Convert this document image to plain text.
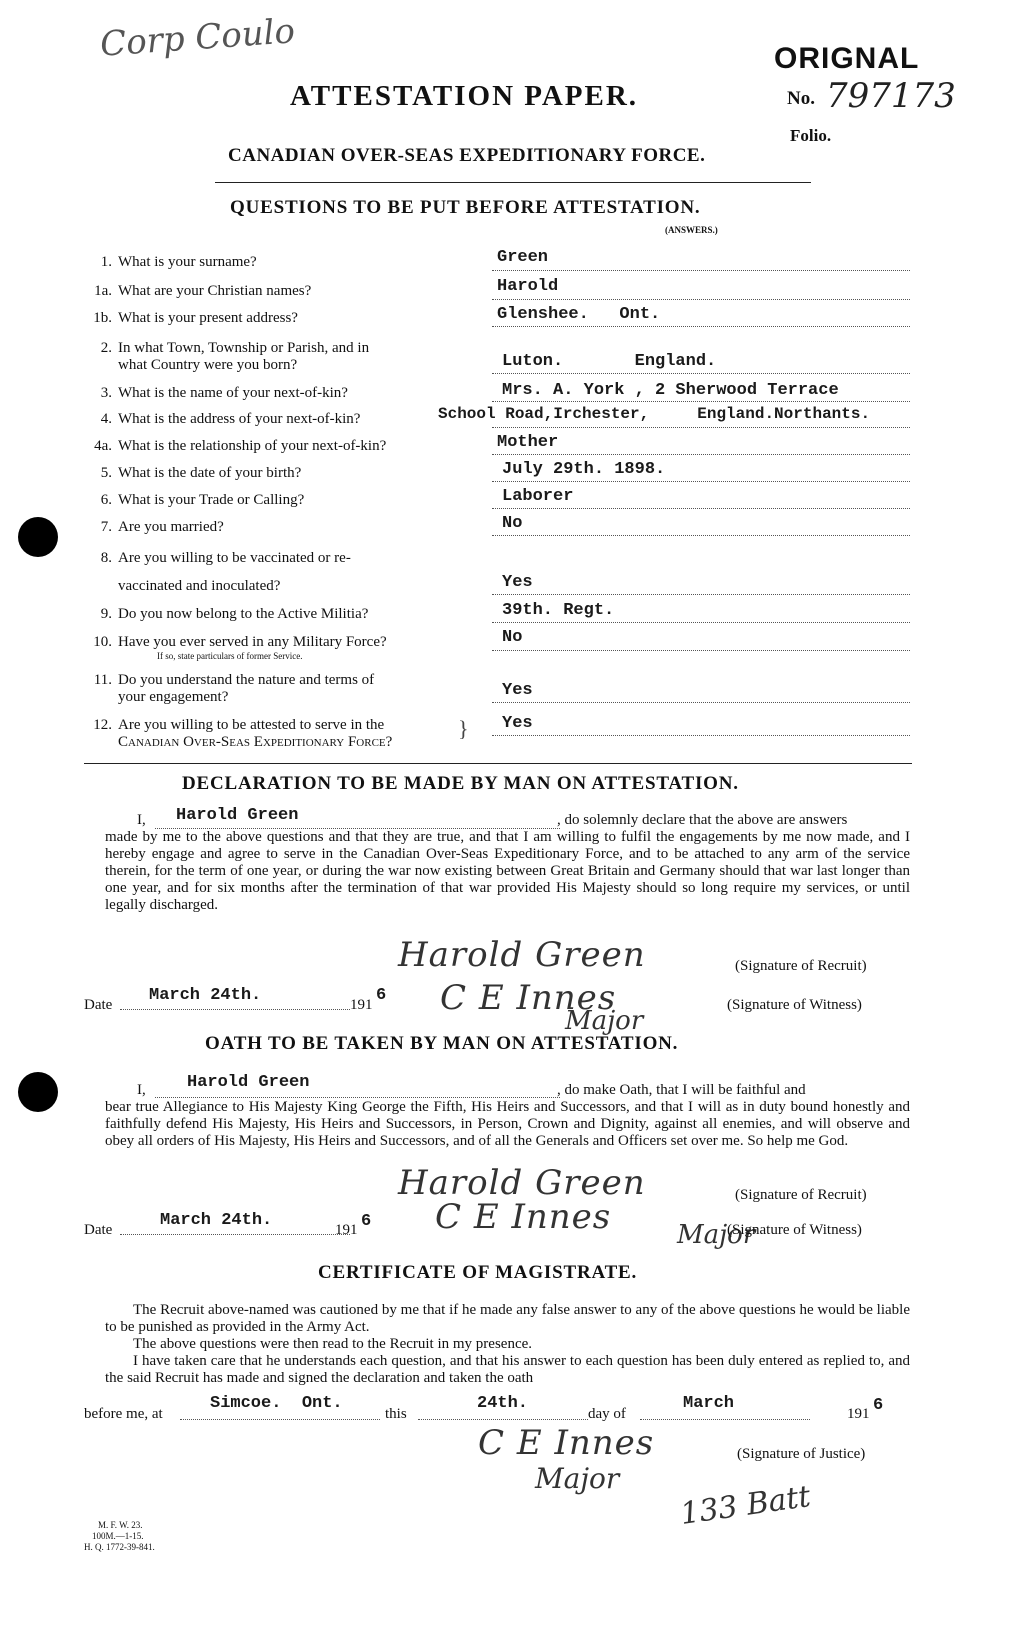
Corp Coulo
ATTESTATION PAPER.
CANADIAN OVER-SEAS EXPEDITIONARY FORCE.
ORIGNAL
No. 797173
Folio.
QUESTIONS TO BE PUT BEFORE ATTESTATION.
(ANSWERS.)
1. What is your surname?	Green
1a. What are your Christian names?	Harold
1b. What is your present address?	Glenshee.   Ont.
2. In what Town, Township or Parish, and in
what Country were you born?	Luton.       England.
3. What is the name of your next-of-kin?	Mrs. A. York , 2 Sherwood Terrace
4. What is the address of your next-of-kin?	School Road,Irchester,     England.Northants.
4a. What is the relationship of your next-of-kin?	Mother
5. What is the date of your birth?	July 29th. 1898.
6. What is your Trade or Calling?	Laborer
7. Are you married?	No
8. Are you willing to be vaccinated or re-
vaccinated and inoculated?	Yes
9. Do you now belong to the Active Militia?	39th. Regt.
10. Have you ever served in any Military Force?
If so, state particulars of former Service.
No
11. Do you understand the nature and terms of
your engagement?	Yes
12. Are you willing to be attested to serve in the
Canadian Over-Seas Expeditionary Force?
} Yes
DECLARATION TO BE MADE BY MAN ON ATTESTATION.
I, Harold Green	, do solemnly declare that the above are answers
made by me to the above questions and that they are true, and that I am willing to fulfil the engagements by me now made, and I hereby engage and agree to serve in the Canadian Over-Seas Expeditionary Force, and to be attached to any arm of the service therein, for the term of one year, or during the war now existing between Great Britain and Germany should that war last longer than one year, and for six months after the termination of that war provided His Majesty should so long require my services, or until legally discharged.
Harold Green	(Signature of Recruit)
Date March 24th.	191 6 C E Innes
Major
(Signature of Witness)
OATH TO BE TAKEN BY MAN ON ATTESTATION.
I, Harold Green	, do make Oath, that I will be faithful and
bear true Allegiance to His Majesty King George the Fifth, His Heirs and Successors, and that I will as in duty bound honestly and faithfully defend His Majesty, His Heirs and Successors, in Person, Crown and Dignity, against all enemies, and will observe and obey all orders of His Majesty, His Heirs and Successors, and of all the Generals and Officers set over me. So help me God.
Harold Green	(Signature of Recruit)
Date	March 24th.	191 6 C E Innes	Major
(Signature of Witness)
CERTIFICATE OF MAGISTRATE.
The Recruit above-named was cautioned by me that if he made any false answer to any of the above questions he would be liable to be punished as provided in the Army Act.
The above questions were then read to the Recruit in my presence.
I have taken care that he understands each question, and that his answer to each question has been duly entered as replied to, and the said Recruit has made and signed the declaration and taken the oath
before me, at
Simcoe.  Ont.
this
24th.
day of
March
191 6
C E Innes
Major
133 Batt
(Signature of Justice)
M. F. W. 23.
100M.—1-15.
H. Q. 1772-39-841.
